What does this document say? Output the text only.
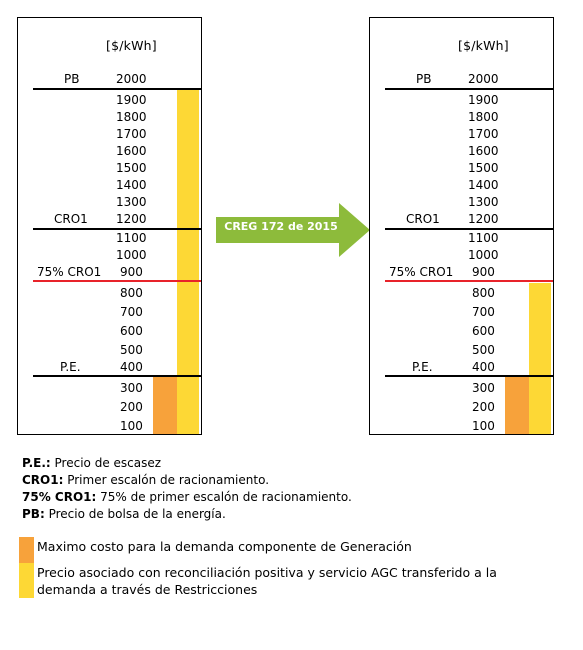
[$/kWh]
PB	2000
1900
1800
1700
1600
1500
1400
1300
CRO1 1200
1100
1000
75% CRO1 900
800
700
600
500
P.E.	400
300
200
100
CREG 172 de 2015
[$/kWh]
PB	2000
1900
1800
1700
1600
1500
1400
1300
CRO1 1200
1100
1000
75% CRO1 900
800
700
600
500
P.E.	400
300
200
100
P.E.: Precio de escasez
CRO1: Primer escalón de racionamiento.
75% CRO1: 75% de primer escalón de racionamiento.
PB: Precio de bolsa de la energía.
Maximo costo para la demanda componente de Generación
Precio asociado con reconciliación positiva y servicio AGC transferido a la demanda a través de Restricciones
